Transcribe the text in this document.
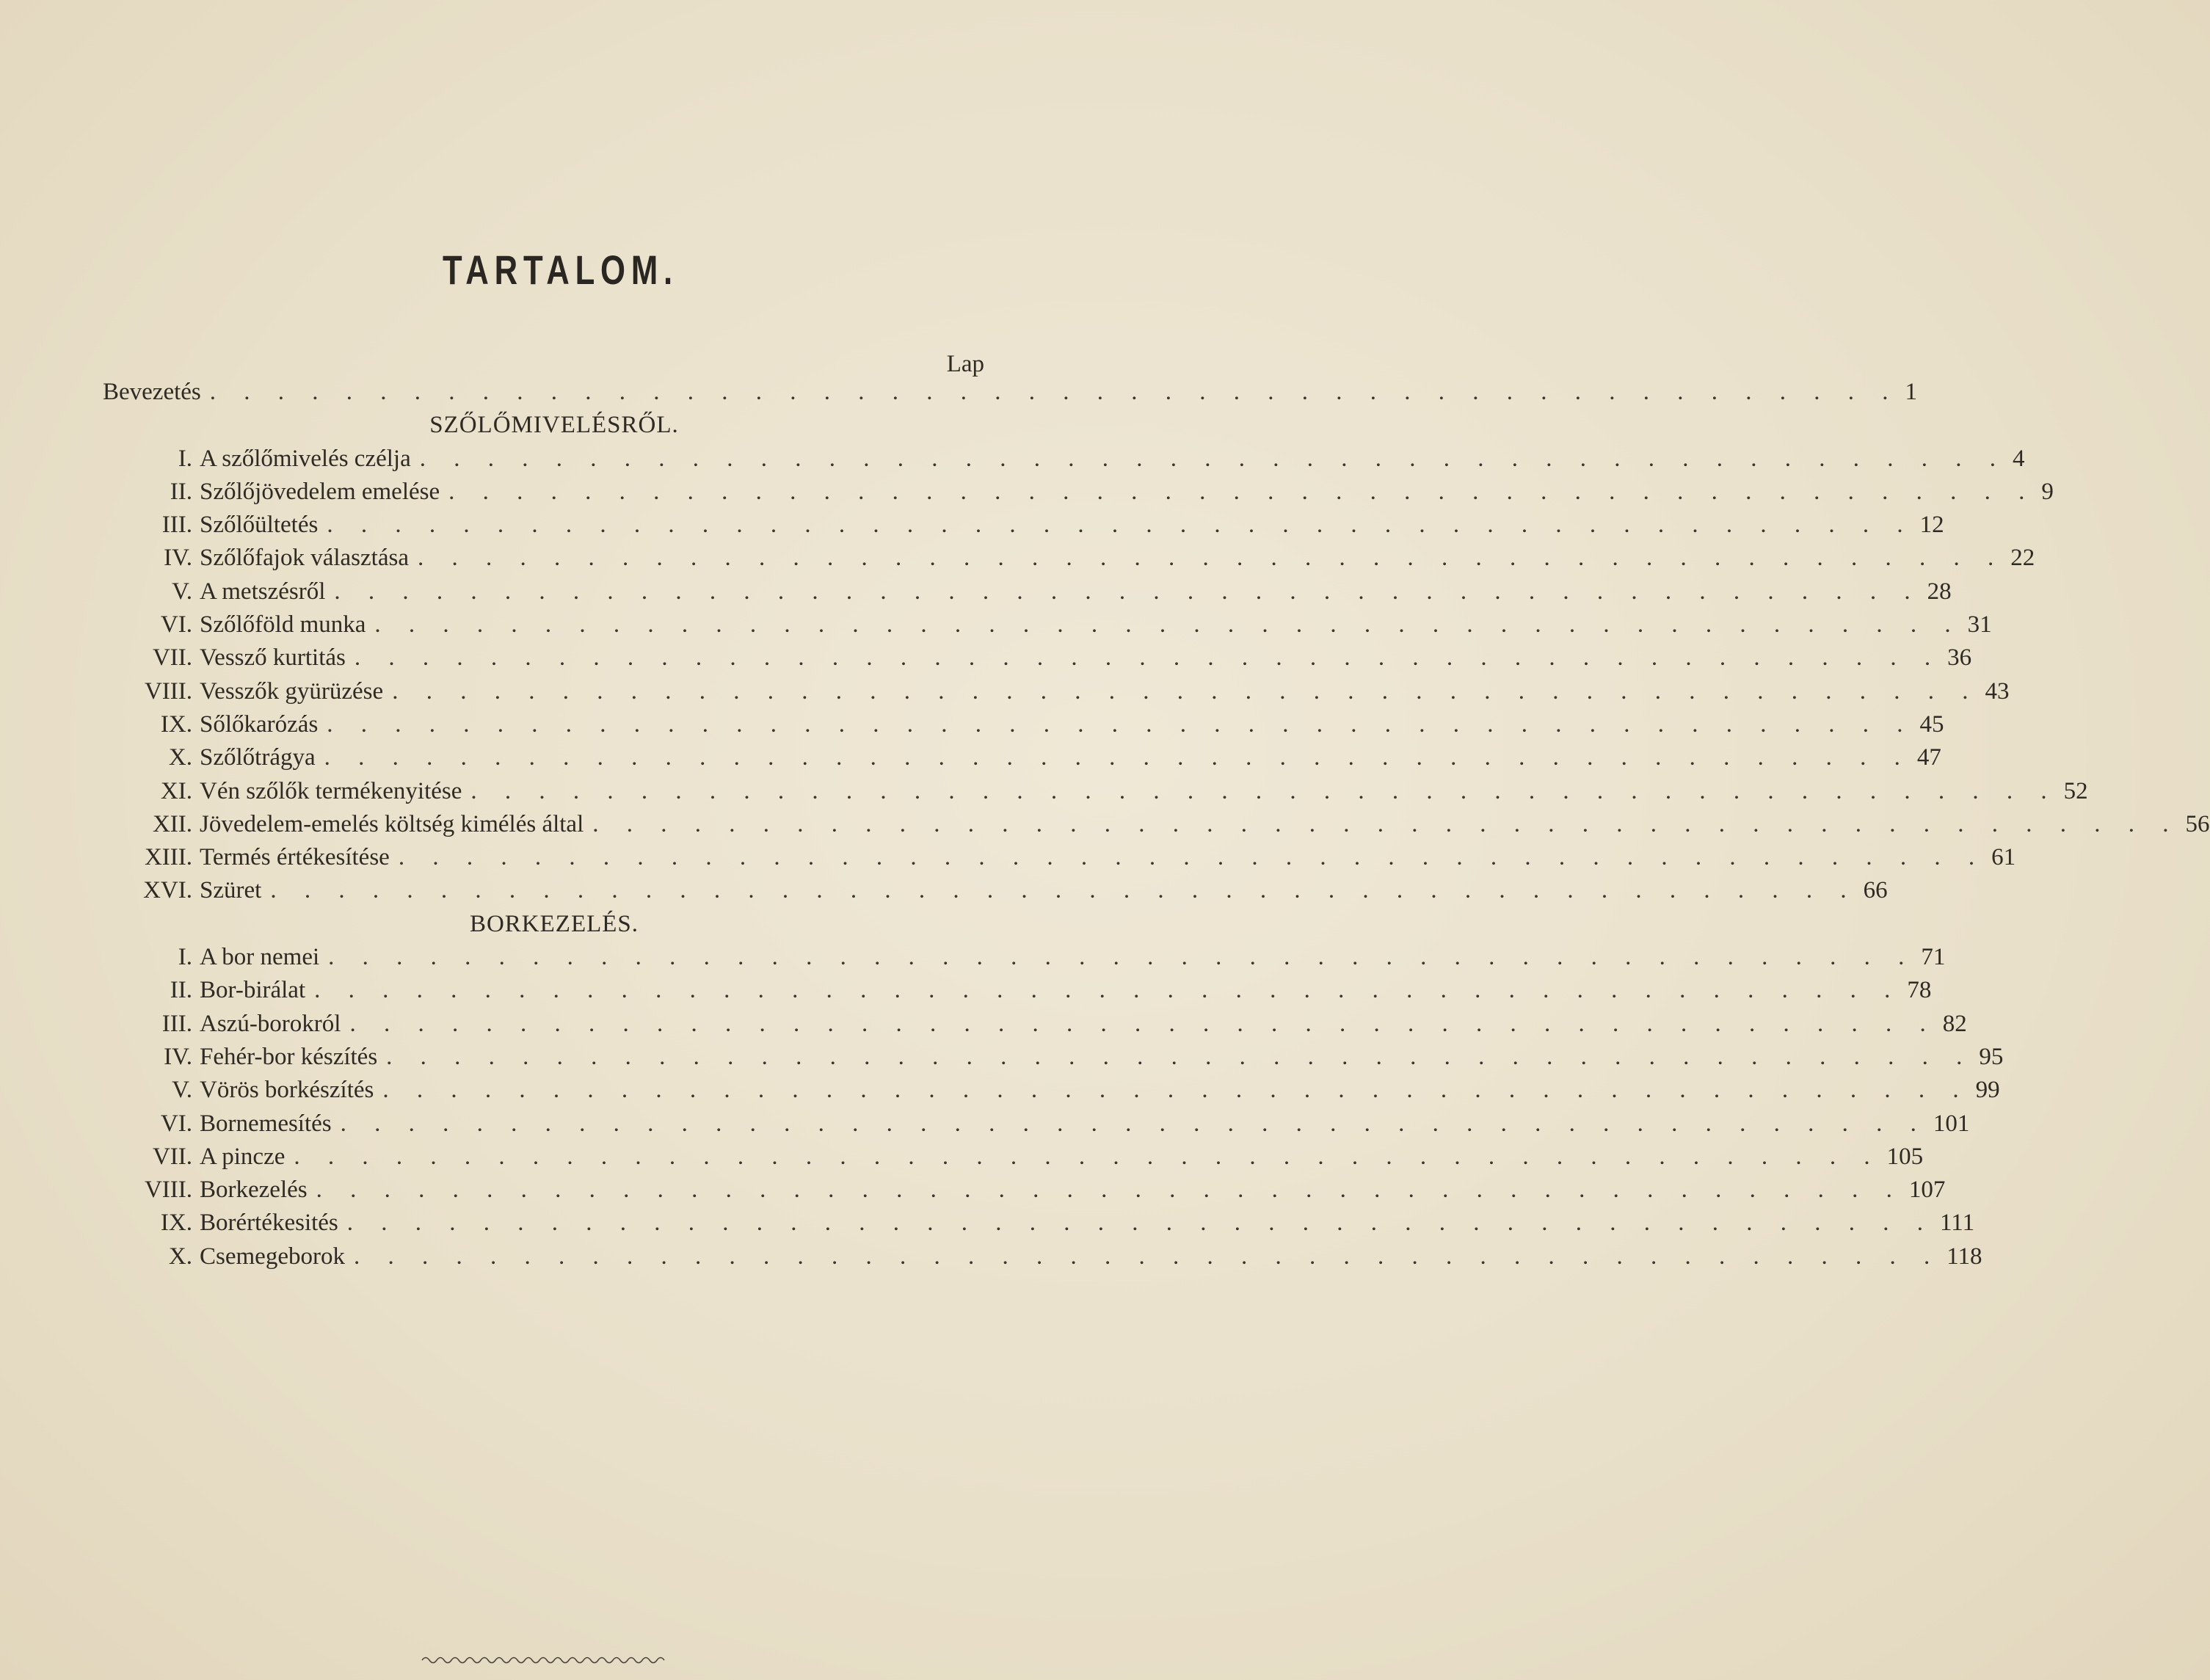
TARTALOM.
Lap
Bevezetés . . . . . . . . . . . . . . . . . . . . . . . . . . . . . . . . . . . . . . . . . . . . . . . . . . 1
SZŐLŐMIVELÉSRŐL.
I. A szőlőmivelés czélja . . . . . . . . . . . . . . . . . . . . . . . . . . . . . . . . . . . . . . . . . . . . . . . 4
II. Szőlőjövedelem emelése . . . . . . . . . . . . . . . . . . . . . . . . . . . . . . . . . . . . . . . . . . . . . . . 9
III. Szőlőültetés . . . . . . . . . . . . . . . . . . . . . . . . . . . . . . . . . . . . . . . . . . . . . . . 12
IV. Szőlőfajok választása . . . . . . . . . . . . . . . . . . . . . . . . . . . . . . . . . . . . . . . . . . . . . . . 22
V. A metszésről . . . . . . . . . . . . . . . . . . . . . . . . . . . . . . . . . . . . . . . . . . . . . . . 28
VI. Szőlőföld munka . . . . . . . . . . . . . . . . . . . . . . . . . . . . . . . . . . . . . . . . . . . . . . . 31
VII. Vessző kurtitás . . . . . . . . . . . . . . . . . . . . . . . . . . . . . . . . . . . . . . . . . . . . . . . 36
VIII. Vesszők gyürüzése . . . . . . . . . . . . . . . . . . . . . . . . . . . . . . . . . . . . . . . . . . . . . . . 43
IX. Sőlőkarózás . . . . . . . . . . . . . . . . . . . . . . . . . . . . . . . . . . . . . . . . . . . . . . . 45
X. Szőlőtrágya . . . . . . . . . . . . . . . . . . . . . . . . . . . . . . . . . . . . . . . . . . . . . . . 47
XI. Vén szőlők termékenyitése . . . . . . . . . . . . . . . . . . . . . . . . . . . . . . . . . . . . . . . . . . . . . . . 52
XII. Jövedelem-emelés költség kimélés által . . . . . . . . . . . . . . . . . . . . . . . . . . . . . . . . . . . . . . . . . . . . . . . 56
XIII. Termés értékesítése . . . . . . . . . . . . . . . . . . . . . . . . . . . . . . . . . . . . . . . . . . . . . . . 61
XVI. Szüret . . . . . . . . . . . . . . . . . . . . . . . . . . . . . . . . . . . . . . . . . . . . . . . 66
BORKEZELÉS.
I. A bor nemei . . . . . . . . . . . . . . . . . . . . . . . . . . . . . . . . . . . . . . . . . . . . . . . 71
II. Bor-birálat . . . . . . . . . . . . . . . . . . . . . . . . . . . . . . . . . . . . . . . . . . . . . . . 78
III. Aszú-borokról . . . . . . . . . . . . . . . . . . . . . . . . . . . . . . . . . . . . . . . . . . . . . . . 82
IV. Fehér-bor készítés . . . . . . . . . . . . . . . . . . . . . . . . . . . . . . . . . . . . . . . . . . . . . . . 95
V. Vörös borkészítés . . . . . . . . . . . . . . . . . . . . . . . . . . . . . . . . . . . . . . . . . . . . . . . 99
VI. Bornemesítés . . . . . . . . . . . . . . . . . . . . . . . . . . . . . . . . . . . . . . . . . . . . . . . 101
VII. A pincze . . . . . . . . . . . . . . . . . . . . . . . . . . . . . . . . . . . . . . . . . . . . . . . 105
VIII. Borkezelés . . . . . . . . . . . . . . . . . . . . . . . . . . . . . . . . . . . . . . . . . . . . . . . 107
IX. Borértékesités . . . . . . . . . . . . . . . . . . . . . . . . . . . . . . . . . . . . . . . . . . . . . . . 111
X. Csemegeborok . . . . . . . . . . . . . . . . . . . . . . . . . . . . . . . . . . . . . . . . . . . . . . . 118
